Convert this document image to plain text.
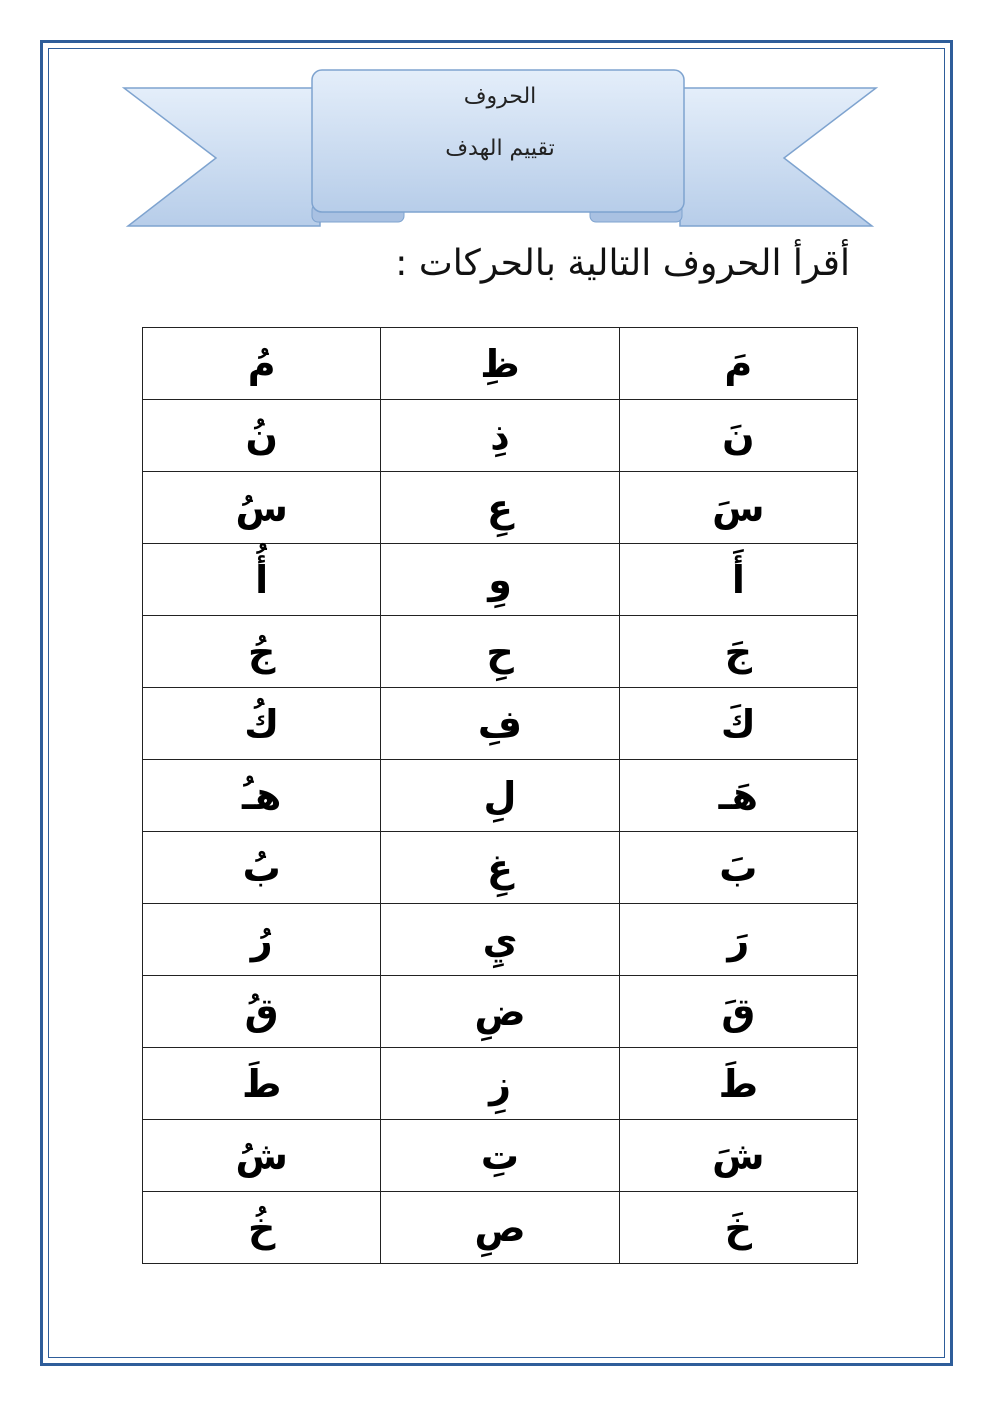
الحروف
تقييم الهدف
أقرأ الحروف التالية بالحركات :
مَ	ظِ	مُ
نَ	ذِ	نُ
سَ	عِ	سُ
أَ	وِ	أُ
جَ	حِ	جُ
كَ	فِ	كُ
هَـ	لِ	هـُ
بَ	غِ	بُ
رَ	يِ	رُ
قَ	ضِ	قُ
طَ	زِ	طَ
شَ	تِ	شُ
خَ	صِ	خُ
